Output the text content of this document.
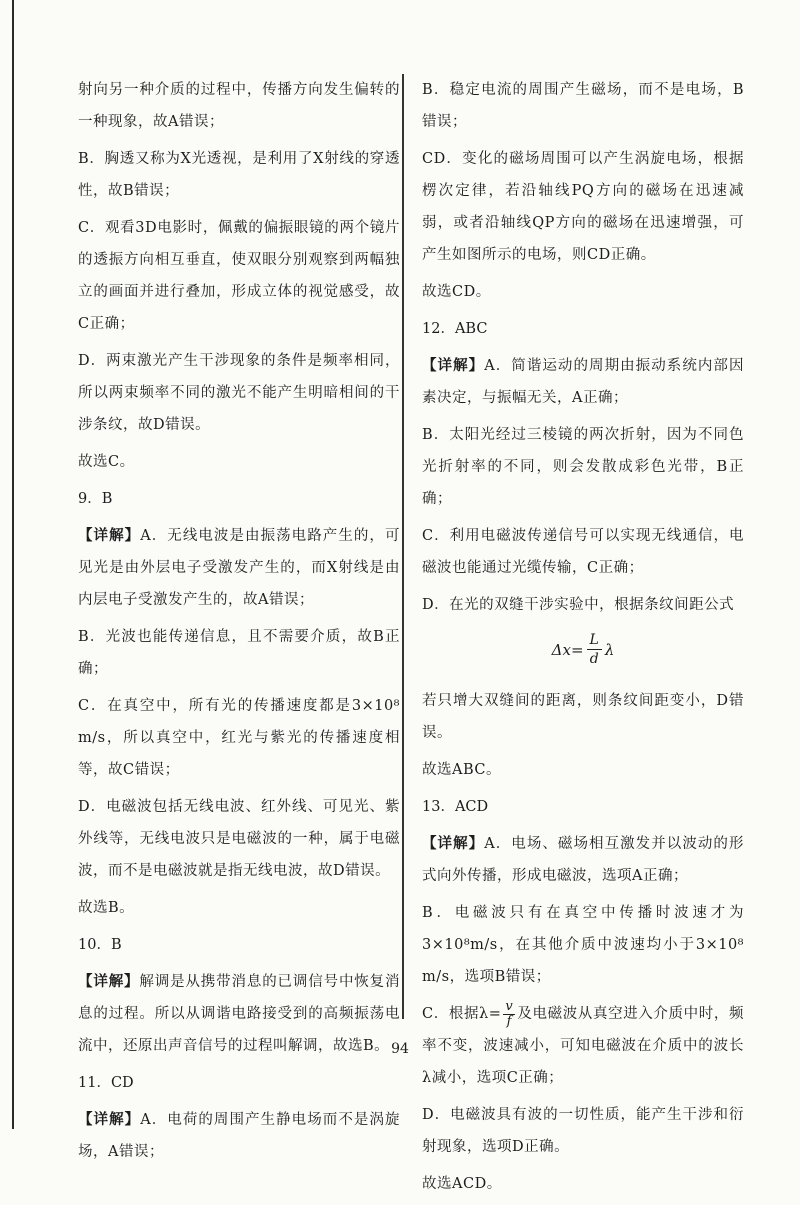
射向另一种介质的过程中，传播方向发生偏转的一种现象，故A错误；

B．胸透又称为X光透视，是利用了X射线的穿透性，故B错误；

C．观看3D电影时，佩戴的偏振眼镜的两个镜片的透振方向相互垂直，使双眼分别观察到两幅独立的画面并进行叠加，形成立体的视觉感受，故C正确；

D．两束激光产生干涉现象的条件是频率相同，所以两束频率不同的激光不能产生明暗相间的干涉条纹，故D错误。

故选C。

9．B

【详解】A．无线电波是由振荡电路产生的，可见光是由外层电子受激发产生的，而X射线是由内层电子受激发产生的，故A错误；

B．光波也能传递信息，且不需要介质，故B正确；

C．在真空中，所有光的传播速度都是3×10⁸ m/s，所以真空中，红光与紫光的传播速度相等，故C错误；

D．电磁波包括无线电波、红外线、可见光、紫外线等，无线电波只是电磁波的一种，属于电磁波，而不是电磁波就是指无线电波，故D错误。

故选B。

10．B

【详解】解调是从携带消息的已调信号中恢复消息的过程。所以从调谐电路接受到的高频振荡电流中，还原出声音信号的过程叫解调，故选B。

11．CD

【详解】A．电荷的周围产生静电场而不是涡旋场，A错误；

B．稳定电流的周围产生磁场，而不是电场，B错误；

CD．变化的磁场周围可以产生涡旋电场，根据楞次定律，若沿轴线PQ方向的磁场在迅速减弱，或者沿轴线QP方向的磁场在迅速增强，可产生如图所示的电场，则CD正确。

故选CD。

12．ABC

【详解】A．简谐运动的周期由振动系统内部因素决定，与振幅无关，A正确；

B．太阳光经过三棱镜的两次折射，因为不同色光折射率的不同，则会发散成彩色光带，B正确；

C．利用电磁波传递信号可以实现无线通信，电磁波也能通过光缆传输，C正确；

D．在光的双缝干涉实验中，根据条纹间距公式

$\Delta x= \frac{L}{d}$ λ

若只增大双缝间的距离，则条纹间距变小，D错误。

故选ABC。

13．ACD

【详解】A．电场、磁场相互激发并以波动的形式向外传播，形成电磁波，选项A正确；

B．电磁波只有在真空中传播时波速才为3×10⁸m/s，在其他介质中波速均小于3×10⁸ m/s，选项B错误；

C．根据$\lambda= \frac{v}{f}$ 及电磁波从真空进入介质中时，频率不变，波速减小，可知电磁波在介质中的波长λ减小，选项C正确；

D．电磁波具有波的一切性质，能产生干涉和衍射现象，选项D正确。

故选ACD。

94
